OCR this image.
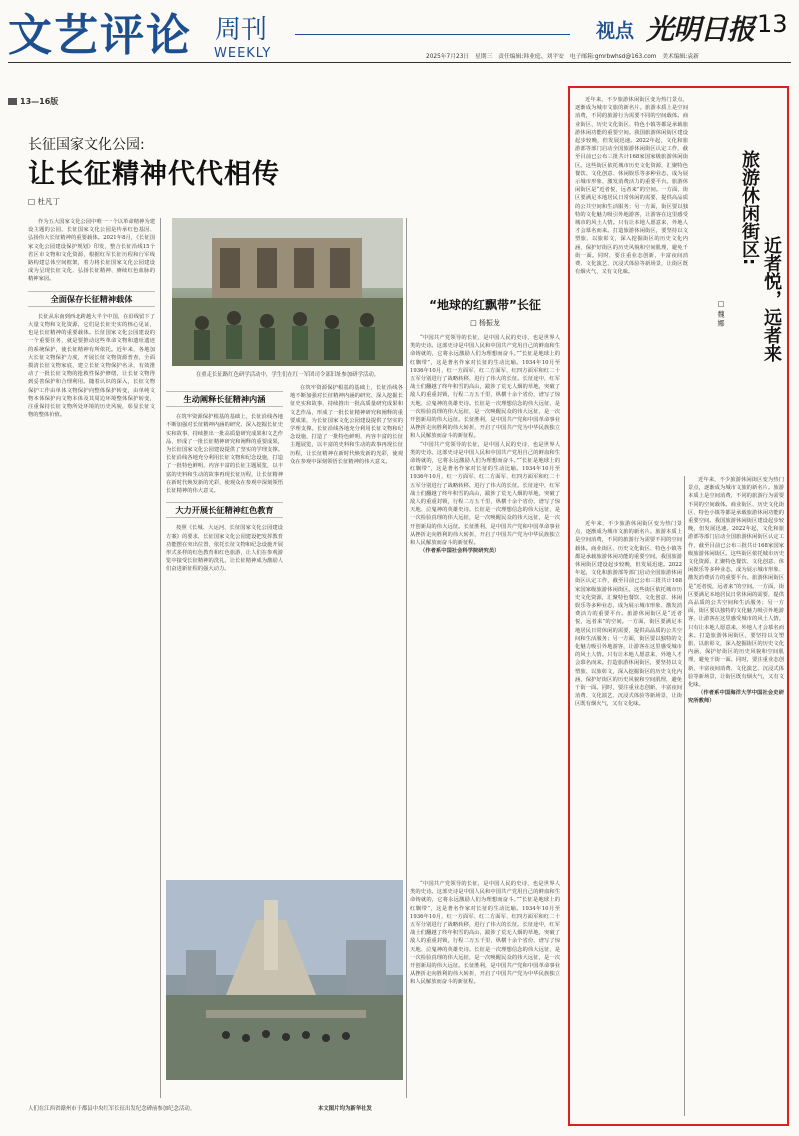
文艺评论 周刊
WEEKLY
视点 光明日报 13
2025年7月23日　星期三　责任编辑:韩业庭、刘平安　电子邮箱:gmrbwhsd@163.com　美术编辑:袁新
13—16版
长征国家文化公园:
让长征精神代代相传
□ 杜凡丁

作为五大国家文化公园中唯一一个以革命精神为建设主题的公园，长征国家文化公园是传承红色基因、弘扬伟大长征精神的重要载体。2021年8月，《长征国家文化公园建设保护规划》印发，整合长征沿线15个省区市文物和文化资源，根据红军长征历程和行军线路构建总体空间框架，着力将长征国家文化公园建设成为呈现长征文化、弘扬长征精神、赓续红色血脉的精神家园。

全面保存长征精神载体

长征从东南到西北跨越大半个中国，在沿线留下了大量文物和文化资源，它们是长征史实的核心见证，也是长征精神的重要载体。长征国家文化公园建设的一个重要任务，就是要推动这些革命文物和遗址遗迹的系统保护，使长征精神有所依托。近年来，各地加大长征文物保护力度，开展长征文物资源普查，全面摸清长征文物家底，建立长征文物保护名录，有效推动了一批长征文物的抢救性保护修缮，让长征文物得到妥善保护和合理利用。随着认识的深入，长征文物保护工作由单体文物保护向整体保护转变，由单纯文物本体保护向文物本体及其周边环境整体保护转变，注重保持长征文物所处环境的历史风貌，彰显长征文物的整体价值。

在重走长征路红色研学活动中，学生们在红一军团司令部旧址参加研学活动。
生动阐释长征精神内涵

在筑牢资源保护根基的基础上，长征沿线各地不断加强对长征精神内涵的研究、深入挖掘长征史实和故事，持续推出一批高质量研究成果和文艺作品，形成了一批长征精神研究和阐释的重要成果，为长征国家文化公园建设提供了坚实的学理支撑。长征沿线各地充分利用长征文物和纪念设施，打造了一批特色鲜明、内容丰富的长征主题展览，以丰富的史料和生动的故事再现长征历程，让长征精神在新时代焕发新的光彩，使观众在参观中深刻领悟长征精神的伟大意义。

大力开展长征精神红色教育

按照《长城、大运河、长征国家文化公园建设方案》的要求，长征国家文化公园建设把发挥教育功能摆在突出位置，依托长征文物和纪念设施开展形式多样的红色教育和红色旅游，让人们在参观游览中接受长征精神的洗礼，让长征精神成为激励人们奋进新征程的强大动力。

在筑牢资源保护根基的基础上，长征沿线各地不断加强对长征精神内涵的研究、深入挖掘长征史实和故事，持续推出一批高质量研究成果和文艺作品，形成了一批长征精神研究和阐释的重要成果，为长征国家文化公园建设提供了坚实的学理支撑。长征沿线各地充分利用长征文物和纪念设施，打造了一批特色鲜明、内容丰富的长征主题展览，以丰富的史料和生动的故事再现长征历程，让长征精神在新时代焕发新的光彩，使观众在参观中深刻领悟长征精神的伟大意义。

“地球的红飘带”长征
□ 杨振龙

“中国共产党领导的长征，是中国人民的史诗，也是世界人类的史诗。这部史诗是中国人民和中国共产党用自己的鲜血和生命铸就的，它将永远激励人们为理想而奋斗。”“长征是地球上的红飘带”，这是著名作家对长征的生动比喻。1934年10月至1936年10月，红一方面军、红二方面军、红四方面军和红二十五军分别进行了战略转移，进行了伟大的长征。长征途中，红军战士们翻越了终年积雪的高山，跋涉了荒无人烟的草地，突破了敌人的重重封锁，行程二万五千里，纵横十余个省份，谱写了惊天地、泣鬼神的英雄史诗。长征是一次理想信念的伟大远征，是一次检验真理的伟大远征，是一次唤醒民众的伟大远征，是一次开创新局的伟大远征。长征胜利，是中国共产党和中国革命事业从挫折走向胜利的伟大转折，开启了中国共产党为中华民族独立和人民解放而奋斗的新征程。

“中国共产党领导的长征，是中国人民的史诗，也是世界人类的史诗。这部史诗是中国人民和中国共产党用自己的鲜血和生命铸就的，它将永远激励人们为理想而奋斗。”“长征是地球上的红飘带”，这是著名作家对长征的生动比喻。1934年10月至1936年10月，红一方面军、红二方面军、红四方面军和红二十五军分别进行了战略转移，进行了伟大的长征。长征途中，红军战士们翻越了终年积雪的高山，跋涉了荒无人烟的草地，突破了敌人的重重封锁，行程二万五千里，纵横十余个省份，谱写了惊天地、泣鬼神的英雄史诗。长征是一次理想信念的伟大远征，是一次检验真理的伟大远征，是一次唤醒民众的伟大远征，是一次开创新局的伟大远征。长征胜利，是中国共产党和中国革命事业从挫折走向胜利的伟大转折，开启了中国共产党为中华民族独立和人民解放而奋斗的新征程。

（作者系中国社会科学院研究员）

人们在江西省赣州市于都县中央红军长征出发纪念碑前参加纪念活动。	本文图片均为新华社发

“中国共产党领导的长征，是中国人民的史诗，也是世界人类的史诗。这部史诗是中国人民和中国共产党用自己的鲜血和生命铸就的，它将永远激励人们为理想而奋斗。”“长征是地球上的红飘带”，这是著名作家对长征的生动比喻。1934年10月至1936年10月，红一方面军、红二方面军、红四方面军和红二十五军分别进行了战略转移，进行了伟大的长征。长征途中，红军战士们翻越了终年积雪的高山，跋涉了荒无人烟的草地，突破了敌人的重重封锁，行程二万五千里，纵横十余个省份，谱写了惊天地、泣鬼神的英雄史诗。长征是一次理想信念的伟大远征，是一次检验真理的伟大远征，是一次唤醒民众的伟大远征，是一次开创新局的伟大远征。长征胜利，是中国共产党和中国革命事业从挫折走向胜利的伟大转折，开启了中国共产党为中华民族独立和人民解放而奋斗的新征程。

近年来，不少旅游休闲街区变为热门景点，逐渐成为城市文旅的新名片。旅游本质上是空间消费，不同的旅游行为需要不同的空间载体。商业街区、历史文化街区、特色小镇等都是承载旅游休闲功能的重要空间。我国旅游休闲街区建设起步较晚，但发展迅速。2022年起，文化和旅游部等部门启动全国旅游休闲街区认定工作，截至目前已公布三批共计168家国家级旅游休闲街区。这些街区依托城市历史文化资源，汇聚特色餐饮、文化创意、休闲娱乐等多种业态，成为展示城市形象、激发消费活力的重要平台。旅游休闲街区是“近者悦，远者来”的空间。一方面，街区要满足本地居民日常休闲的需要，提供高品质的公共空间和生活服务；另一方面，街区要以独特的文化魅力吸引外地游客，让游客在这里感受城市的风土人情。只有让本地人愿意来，外地人才会慕名而来。打造旅游休闲街区，要坚持以文塑旅、以旅彰文，深入挖掘街区的历史文化内涵，保护好街区的历史风貌和空间肌理，避免千街一面。同时，要注重业态创新，丰富夜间消费、文化演艺、沉浸式体验等新场景，让街区既有烟火气，又有文化味。

旅游休闲街区:
近者悦，远者来
□ 魏 娜

近年来，不少旅游休闲街区变为热门景点，逐渐成为城市文旅的新名片。旅游本质上是空间消费，不同的旅游行为需要不同的空间载体。商业街区、历史文化街区、特色小镇等都是承载旅游休闲功能的重要空间。我国旅游休闲街区建设起步较晚，但发展迅速。2022年起，文化和旅游部等部门启动全国旅游休闲街区认定工作，截至目前已公布三批共计168家国家级旅游休闲街区。这些街区依托城市历史文化资源，汇聚特色餐饮、文化创意、休闲娱乐等多种业态，成为展示城市形象、激发消费活力的重要平台。旅游休闲街区是“近者悦，远者来”的空间。一方面，街区要满足本地居民日常休闲的需要，提供高品质的公共空间和生活服务；另一方面，街区要以独特的文化魅力吸引外地游客，让游客在这里感受城市的风土人情。只有让本地人愿意来，外地人才会慕名而来。打造旅游休闲街区，要坚持以文塑旅、以旅彰文，深入挖掘街区的历史文化内涵，保护好街区的历史风貌和空间肌理，避免千街一面。同时，要注重业态创新，丰富夜间消费、文化演艺、沉浸式体验等新场景，让街区既有烟火气，又有文化味。

近年来，不少旅游休闲街区变为热门景点，逐渐成为城市文旅的新名片。旅游本质上是空间消费，不同的旅游行为需要不同的空间载体。商业街区、历史文化街区、特色小镇等都是承载旅游休闲功能的重要空间。我国旅游休闲街区建设起步较晚，但发展迅速。2022年起，文化和旅游部等部门启动全国旅游休闲街区认定工作，截至目前已公布三批共计168家国家级旅游休闲街区。这些街区依托城市历史文化资源，汇聚特色餐饮、文化创意、休闲娱乐等多种业态，成为展示城市形象、激发消费活力的重要平台。旅游休闲街区是“近者悦，远者来”的空间。一方面，街区要满足本地居民日常休闲的需要，提供高品质的公共空间和生活服务；另一方面，街区要以独特的文化魅力吸引外地游客，让游客在这里感受城市的风土人情。只有让本地人愿意来，外地人才会慕名而来。打造旅游休闲街区，要坚持以文塑旅、以旅彰文，深入挖掘街区的历史文化内涵，保护好街区的历史风貌和空间肌理，避免千街一面。同时，要注重业态创新，丰富夜间消费、文化演艺、沉浸式体验等新场景，让街区既有烟火气，又有文化味。

（作者系中国海洋大学中国社会史研究所教师）
